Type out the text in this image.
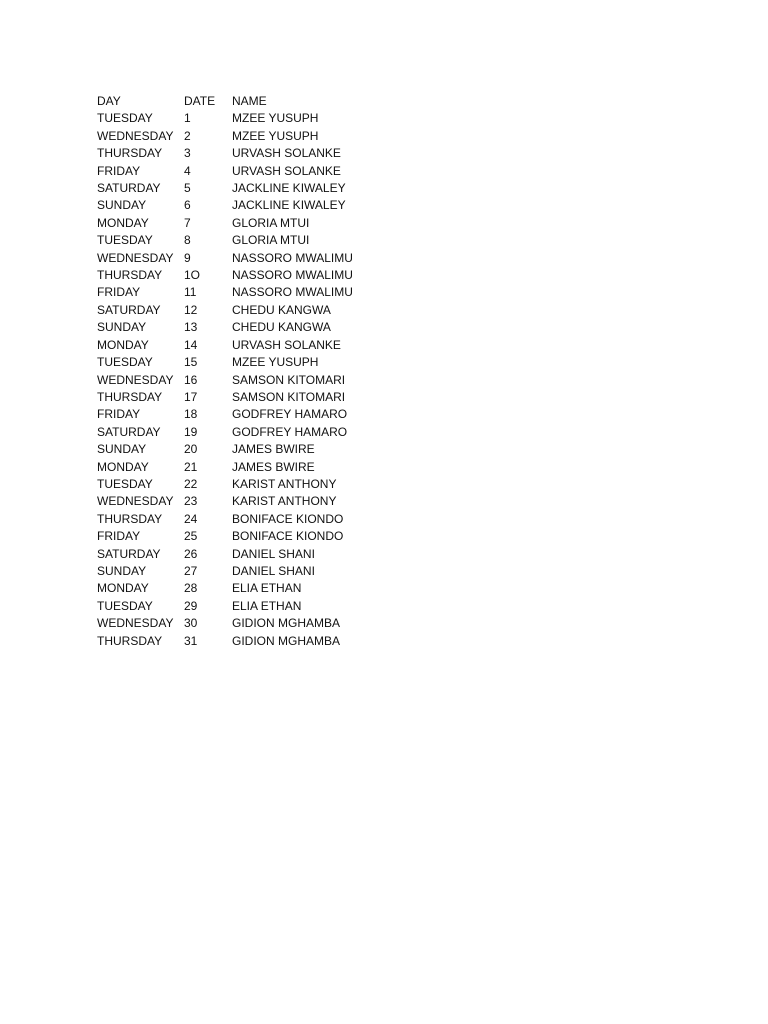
DAY	DATE	NAME
TUESDAY	1	MZEE YUSUPH
WEDNESDAY	2	MZEE YUSUPH
THURSDAY	3	URVASH SOLANKE
FRIDAY	4	URVASH SOLANKE
SATURDAY	5	JACKLINE KIWALEY
SUNDAY	6	JACKLINE KIWALEY
MONDAY	7	GLORIA MTUI
TUESDAY	8	GLORIA MTUI
WEDNESDAY	9	NASSORO MWALIMU
THURSDAY	1O	NASSORO MWALIMU
FRIDAY	11	NASSORO MWALIMU
SATURDAY	12	CHEDU KANGWA
SUNDAY	13	CHEDU KANGWA
MONDAY	14	URVASH SOLANKE
TUESDAY	15	MZEE YUSUPH
WEDNESDAY	16	SAMSON KITOMARI
THURSDAY	17	SAMSON KITOMARI
FRIDAY	18	GODFREY HAMARO
SATURDAY	19	GODFREY HAMARO
SUNDAY	20	JAMES BWIRE
MONDAY	21	JAMES BWIRE
TUESDAY	22	KARIST ANTHONY
WEDNESDAY	23	KARIST ANTHONY
THURSDAY	24	BONIFACE KIONDO
FRIDAY	25	BONIFACE KIONDO
SATURDAY	26	DANIEL SHANI
SUNDAY	27	DANIEL SHANI
MONDAY	28	ELIA ETHAN
TUESDAY	29	ELIA ETHAN
WEDNESDAY	30	GIDION MGHAMBA
THURSDAY	31	GIDION MGHAMBA
